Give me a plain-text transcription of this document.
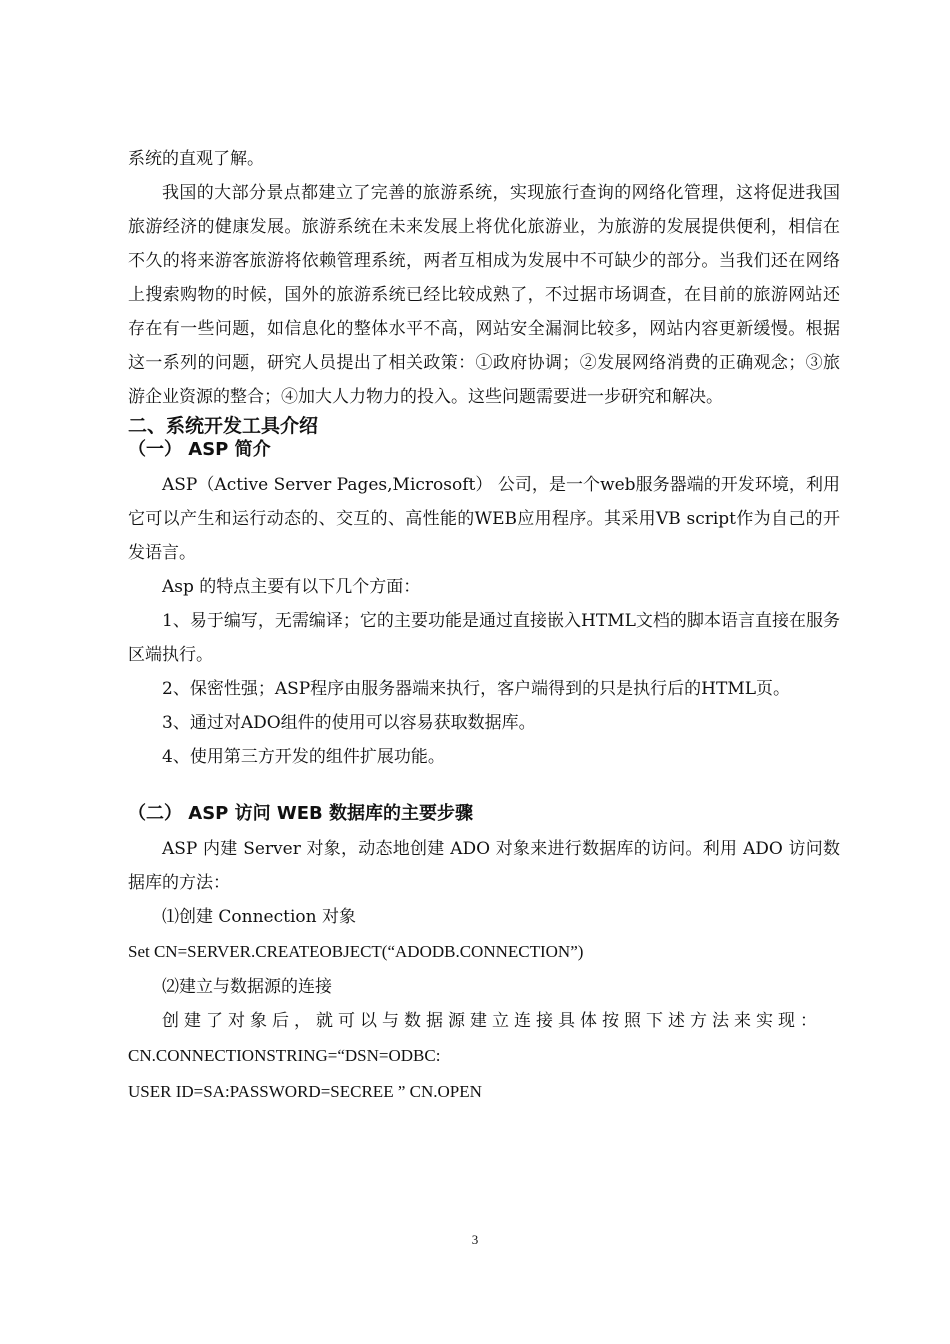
系统的直观了解。

我国的大部分景点都建立了完善的旅游系统，实现旅行查询的网络化管理，这将促进我国旅游经济的健康发展。旅游系统在未来发展上将优化旅游业，为旅游的发展提供便利，相信在不久的将来游客旅游将依赖管理系统，两者互相成为发展中不可缺少的部分。当我们还在网络上搜索购物的时候，国外的旅游系统已经比较成熟了，不过据市场调查，在目前的旅游网站还存在有一些问题，如信息化的整体水平不高，网站安全漏洞比较多，网站内容更新缓慢。根据这一系列的问题，研究人员提出了相关政策：①政府协调；②发展网络消费的正确观念；③旅游企业资源的整合；④加大人力物力的投入。这些问题需要进一步研究和解决。

二、系统开发工具介绍
（一） ASP 简介

ASP（Active Server Pages,Microsoft） 公司，是一个web服务器端的开发环境，利用它可以产生和运行动态的、交互的、高性能的WEB应用程序。其采用VB script作为自己的开发语言。

Asp 的特点主要有以下几个方面：

1、易于编写，无需编译；它的主要功能是通过直接嵌入HTML文档的脚本语言直接在服务区端执行。

2、保密性强；ASP程序由服务器端来执行，客户端得到的只是执行后的HTML页。

3、通过对ADO组件的使用可以容易获取数据库。

4、使用第三方开发的组件扩展功能。

（二） ASP 访问 WEB 数据库的主要步骤

ASP 内建 Server 对象，动态地创建 ADO 对象来进行数据库的访问。利用 ADO 访问数据库的方法：

⑴创建 Connection 对象

Set CN=SERVER.CREATEOBJECT(“ADODB.CONNECTION”)

⑵建立与数据源的连接

创建了对象后，就可以与数据源建立连接具体按照下述方法来实现：

CN.CONNECTIONSTRING=“DSN=ODBC:

USER ID=SA:PASSWORD=SECREE ” CN.OPEN

3
